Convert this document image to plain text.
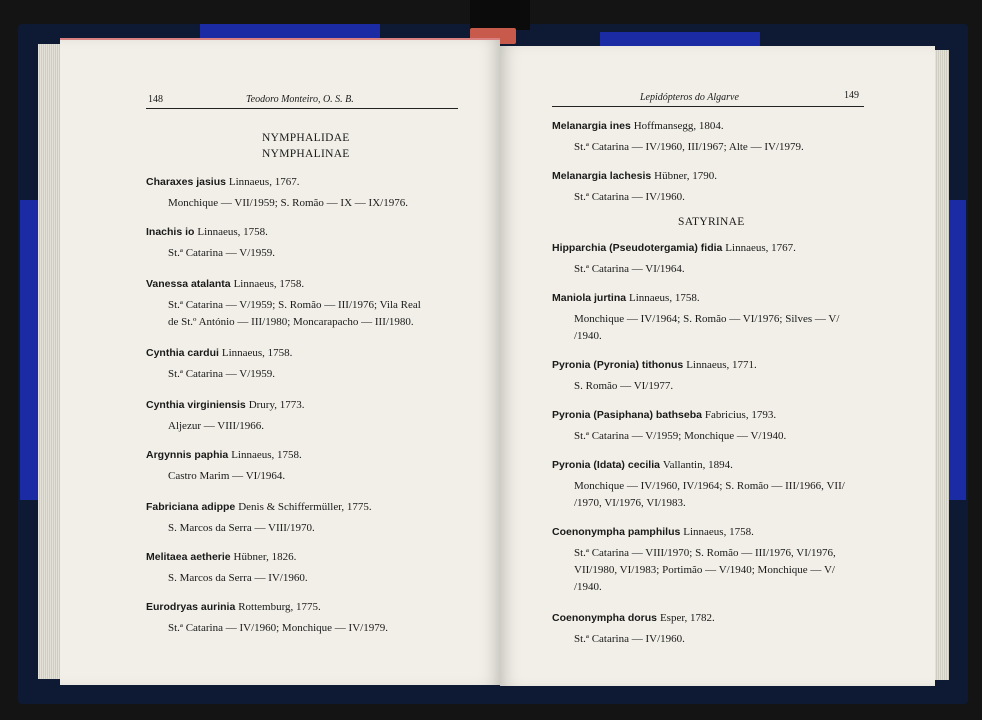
148	Teodoro Monteiro, O. S. B.
NYMPHALIDAE
NYMPHALINAE
Charaxes jasius Linnaeus, 1767.
Monchique — VII/1959; S. Romão — IX — IX/1976.
Inachis io Linnaeus, 1758.
St.ª Catarina — V/1959.
Vanessa atalanta Linnaeus, 1758.
St.ª Catarina — V/1959; S. Romão — III/1976; Vila Real
de St.º António — III/1980; Moncarapacho — III/1980.
Cynthia cardui Linnaeus, 1758.
St.ª Catarina — V/1959.
Cynthia virginiensis Drury, 1773.
Aljezur — VIII/1966.
Argynnis paphia Linnaeus, 1758.
Castro Marim — VI/1964.
Fabriciana adippe Denis & Schiffermüller, 1775.
S. Marcos da Serra — VIII/1970.
Melitaea aetherie Hübner, 1826.
S. Marcos da Serra — IV/1960.
Eurodryas aurinia Rottemburg, 1775.
St.ª Catarina — IV/1960; Monchique — IV/1979.
Lepidópteros do Algarve	149
Melanargia ines Hoffmansegg, 1804.
St.ª Catarina — IV/1960, III/1967; Alte — IV/1979.
Melanargia lachesis Hübner, 1790.
St.ª Catarina — IV/1960.
SATYRINAE
Hipparchia (Pseudotergamia) fidia Linnaeus, 1767.
St.ª Catarina — VI/1964.
Maniola jurtina Linnaeus, 1758.
Monchique — IV/1964; S. Romão — VI/1976; Silves — V/
/1940.
Pyronia (Pyronia) tithonus Linnaeus, 1771.
S. Romão — VI/1977.
Pyronia (Pasiphana) bathseba Fabricius, 1793.
St.ª Catarina — V/1959; Monchique — V/1940.
Pyronia (Idata) cecilia Vallantin, 1894.
Monchique — IV/1960, IV/1964; S. Romão — III/1966, VII/
/1970, VI/1976, VI/1983.
Coenonympha pamphilus Linnaeus, 1758.
St.ª Catarina — VIII/1970; S. Romão — III/1976, VI/1976,
VII/1980, VI/1983; Portimão — V/1940; Monchique — V/
/1940.
Coenonympha dorus Esper, 1782.
St.ª Catarina — IV/1960.
